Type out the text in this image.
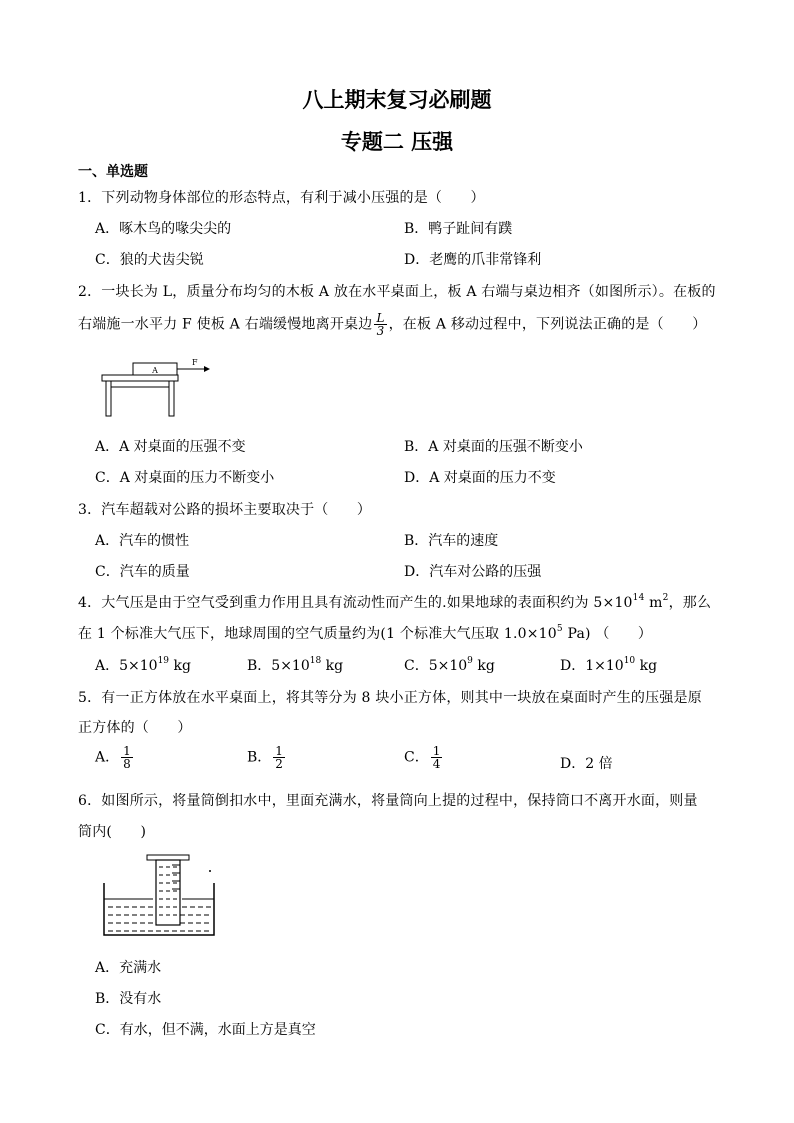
八上期末复习必刷题
专题二 压强
一、单选题
1．下列动物身体部位的形态特点，有利于减小压强的是（　　）
A．啄木鸟的喙尖尖的	B．鸭子趾间有蹼
C．狼的犬齿尖锐	D．老鹰的爪非常锋利
2．一块长为 L，质量分布均匀的木板 A 放在水平桌面上，板 A 右端与桌边相齐（如图所示）。在板的
右端施一水平力 F 使板 A 右端缓慢地离开桌边 $\frac{L}{3}$ ，在板 A 移动过程中，下列说法正确的是（　　）
A
F
A．A 对桌面的压强不变	B．A 对桌面的压强不断变小
C．A 对桌面的压力不断变小	D．A 对桌面的压力不变
3．汽车超载对公路的损坏主要取决于（　　）
A．汽车的惯性	B．汽车的速度
C．汽车的质量	D．汽车对公路的压强
4．大气压是由于空气受到重力作用且具有流动性而产生的.如果地球的表面积约为 $5\times 10^{14}$ $m^2$，那么
在 1 个标准大气压下，地球周围的空气质量约为(1 个标准大气压取 $1.0\times 10^5$ Pa) （　　）
A．$5\times 10^{19}$ kg	B．$5\times 10^{18}$ kg	C．$5\times 10^9$ kg	D．$1\times 10^{10}$ kg
5．有一正方体放在水平桌面上，将其等分为 8 块小正方体，则其中一块放在桌面时产生的压强是原
正方体的（　　）
A． $\frac{1}{8}$	B． $\frac{1}{2}$	C． $\frac{1}{4}$	D．2 倍
6．如图所示，将量筒倒扣水中，里面充满水，将量筒向上提的过程中，保持筒口不离开水面，则量
筒内(　　)
A．充满水
B．没有水
C．有水，但不满，水面上方是真空
